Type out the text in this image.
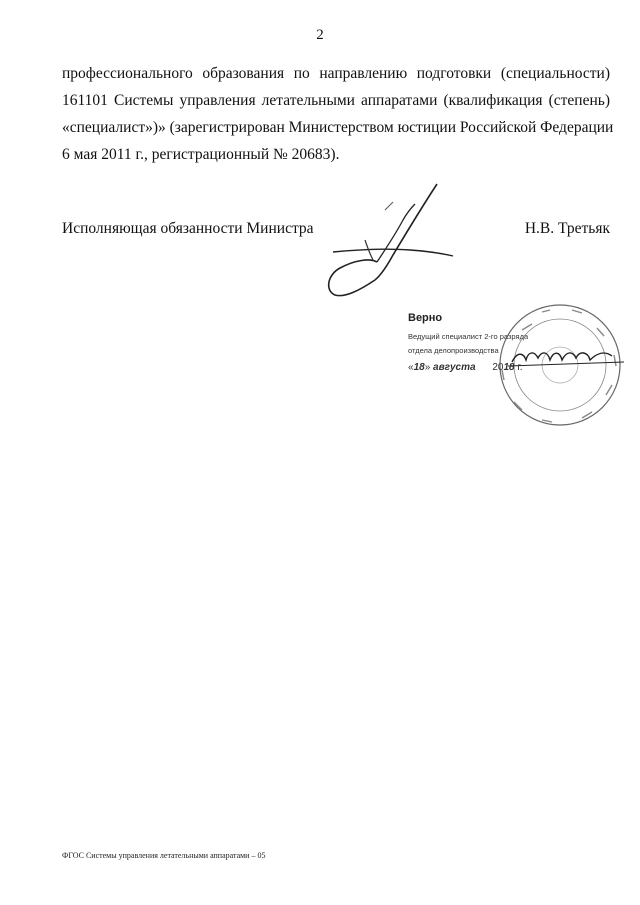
2
профессионального образования по направлению подготовки (специальности)
161101 Системы управления летательными аппаратами (квалификация (степень)
«специалист»)» (зарегистрирован Министерством юстиции Российской Федерации
6 мая 2011 г., регистрационный № 20683).
Исполняющая обязанности Министра	Н.В. Третьяк
Верно
Ведущий специалист 2-го разряда
отдела делопроизводства
«18» августа 2018 г.
ФГОС Системы управления летательными аппаратами – 05
